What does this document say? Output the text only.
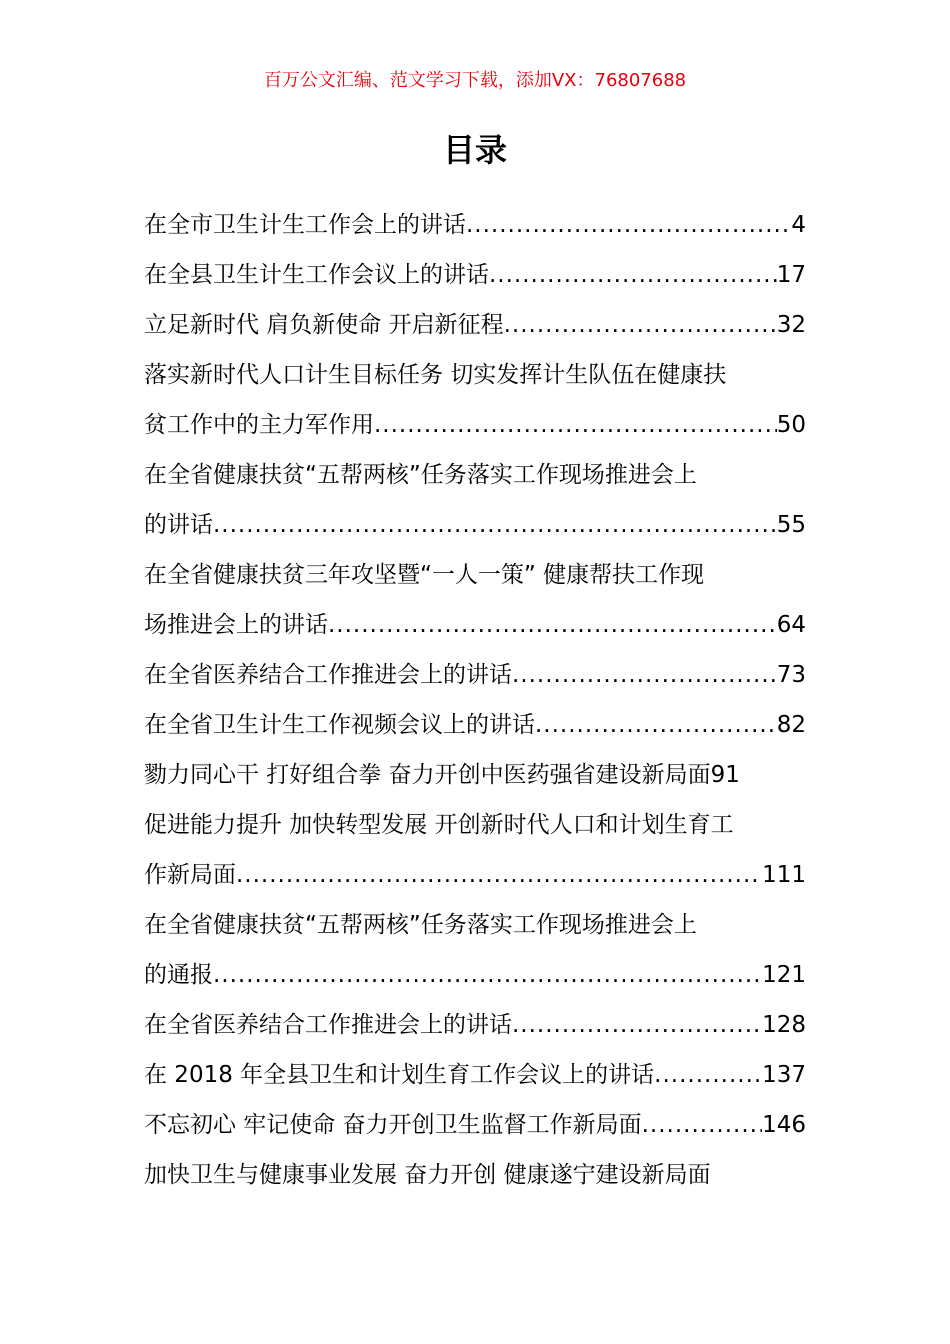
百万公文汇编、范文学习下载，添加VX：76807688
目录
在全市卫生计生工作会上的讲话 .....	4
在全县卫生计生工作会议上的讲话 .....	17
立足新时代 肩负新使命 开启新征程 .....	32
落实新时代人口计生目标任务 切实发挥计生队伍在健康扶
贫工作中的主力军作用 .....	50
在全省健康扶贫“五帮两核”任务落实工作现场推进会上
的讲话 .....	55
在全省健康扶贫三年攻坚暨“一人一策” 健康帮扶工作现
场推进会上的讲话 .....	64
在全省医养结合工作推进会上的讲话 .....	73
在全省卫生计生工作视频会议上的讲话 .....	82
勠力同心干 打好组合拳 奋力开创中医药强省建设新局面 91
促进能力提升 加快转型发展 开创新时代人口和计划生育工
作新局面 .....	111
在全省健康扶贫“五帮两核”任务落实工作现场推进会上
的通报 .....	121
在全省医养结合工作推进会上的讲话 .....	128
在 2018 年全县卫生和计划生育工作会议上的讲话 .....	137
不忘初心 牢记使命 奋力开创卫生监督工作新局面 .....	146
加快卫生与健康事业发展 奋力开创 健康遂宁建设新局面
